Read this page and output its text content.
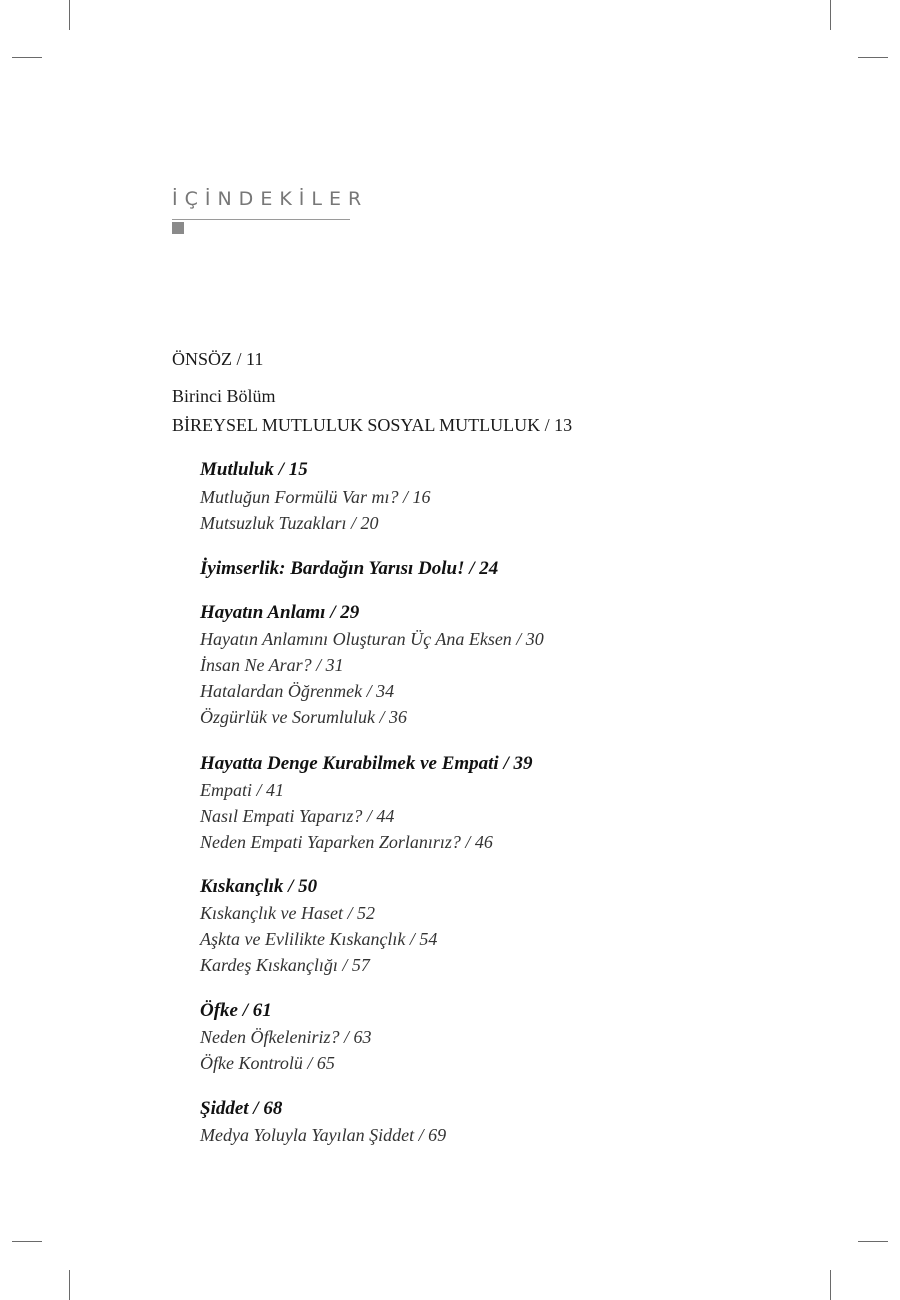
İÇİNDEKİLER
ÖNSÖZ / 11
Birinci Bölüm
BİREYSEL MUTLULUK SOSYAL MUTLULUK / 13
Mutluluk / 15
Mutluğun Formülü Var mı? / 16
Mutsuzluk Tuzakları / 20
İyimserlik: Bardağın Yarısı Dolu! / 24
Hayatın Anlamı / 29
Hayatın Anlamını Oluşturan Üç Ana Eksen / 30
İnsan Ne Arar? / 31
Hatalardan Öğrenmek / 34
Özgürlük ve Sorumluluk / 36
Hayatta Denge Kurabilmek ve Empati / 39
Empati / 41
Nasıl Empati Yaparız? / 44
Neden Empati Yaparken Zorlanırız? / 46
Kıskançlık / 50
Kıskançlık ve Haset / 52
Aşkta ve Evlilikte Kıskançlık / 54
Kardeş Kıskançlığı / 57
Öfke / 61
Neden Öfkeleniriz? / 63
Öfke Kontrolü / 65
Şiddet / 68
Medya Yoluyla Yayılan Şiddet / 69
